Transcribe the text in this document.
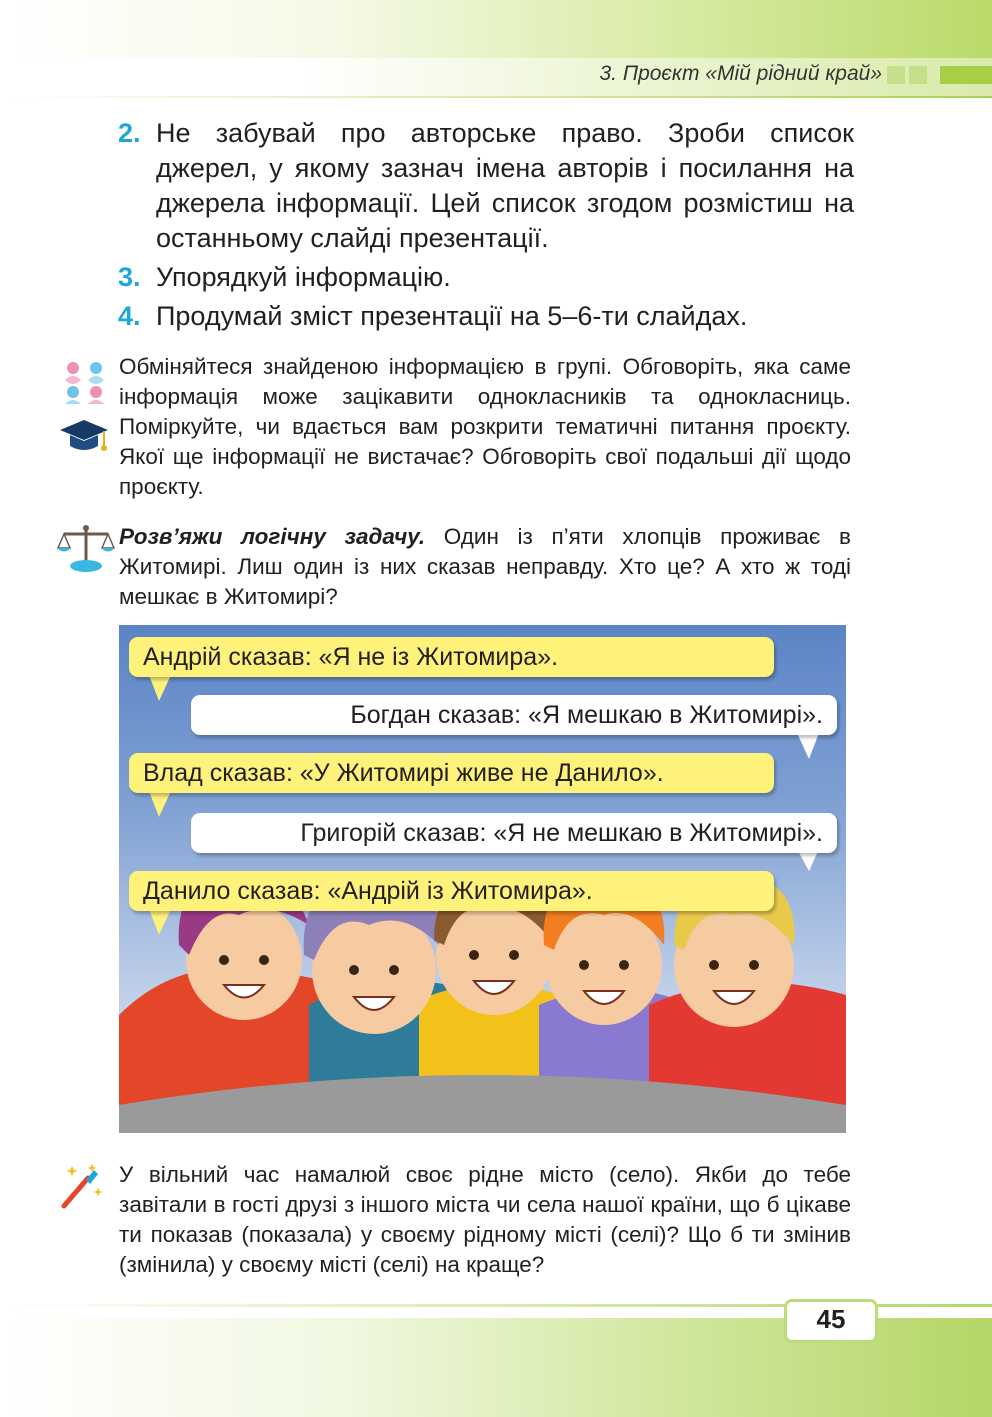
3. Проєкт «Мій рідний край»
2. Не забувай про авторське право. Зроби список джерел, у якому зазнач імена авторів і посилання на джерела інформації. Цей список згодом розмістиш на останньому слайді презентації.
3. Упорядкуй інформацію.
4. Продумай зміст презентації на 5–6-ти слайдах.
Обміняйтеся знайденою інформацією в групі. Обговоріть, яка саме інформація може зацікавити однокласників та однокласниць. Поміркуйте, чи вдається вам розкрити тематичні питання проєкту. Якої ще інформації не вистачає? Обговоріть свої подальші дії щодо проєкту.
Розв’яжи логічну задачу. Один із п’яти хлопців проживає в Житомирі. Лиш один із них сказав неправду. Хто це? А хто ж тоді мешкає в Житомирі?
Андрій сказав: «Я не із Житомира».
Богдан сказав: «Я мешкаю в Житомирі».
Влад сказав: «У Житомирі живе не Данило».
Григорій сказав: «Я не мешкаю в Житомирі».
Данило сказав: «Андрій із Житомира».
У вільний час намалюй своє рідне місто (село). Якби до тебе завітали в гості друзі з іншого міста чи села нашої країни, що б цікаве ти показав (показала) у своєму рідному місті (селі)? Що б ти змінив (змінила) у своєму місті (селі) на краще?
45
